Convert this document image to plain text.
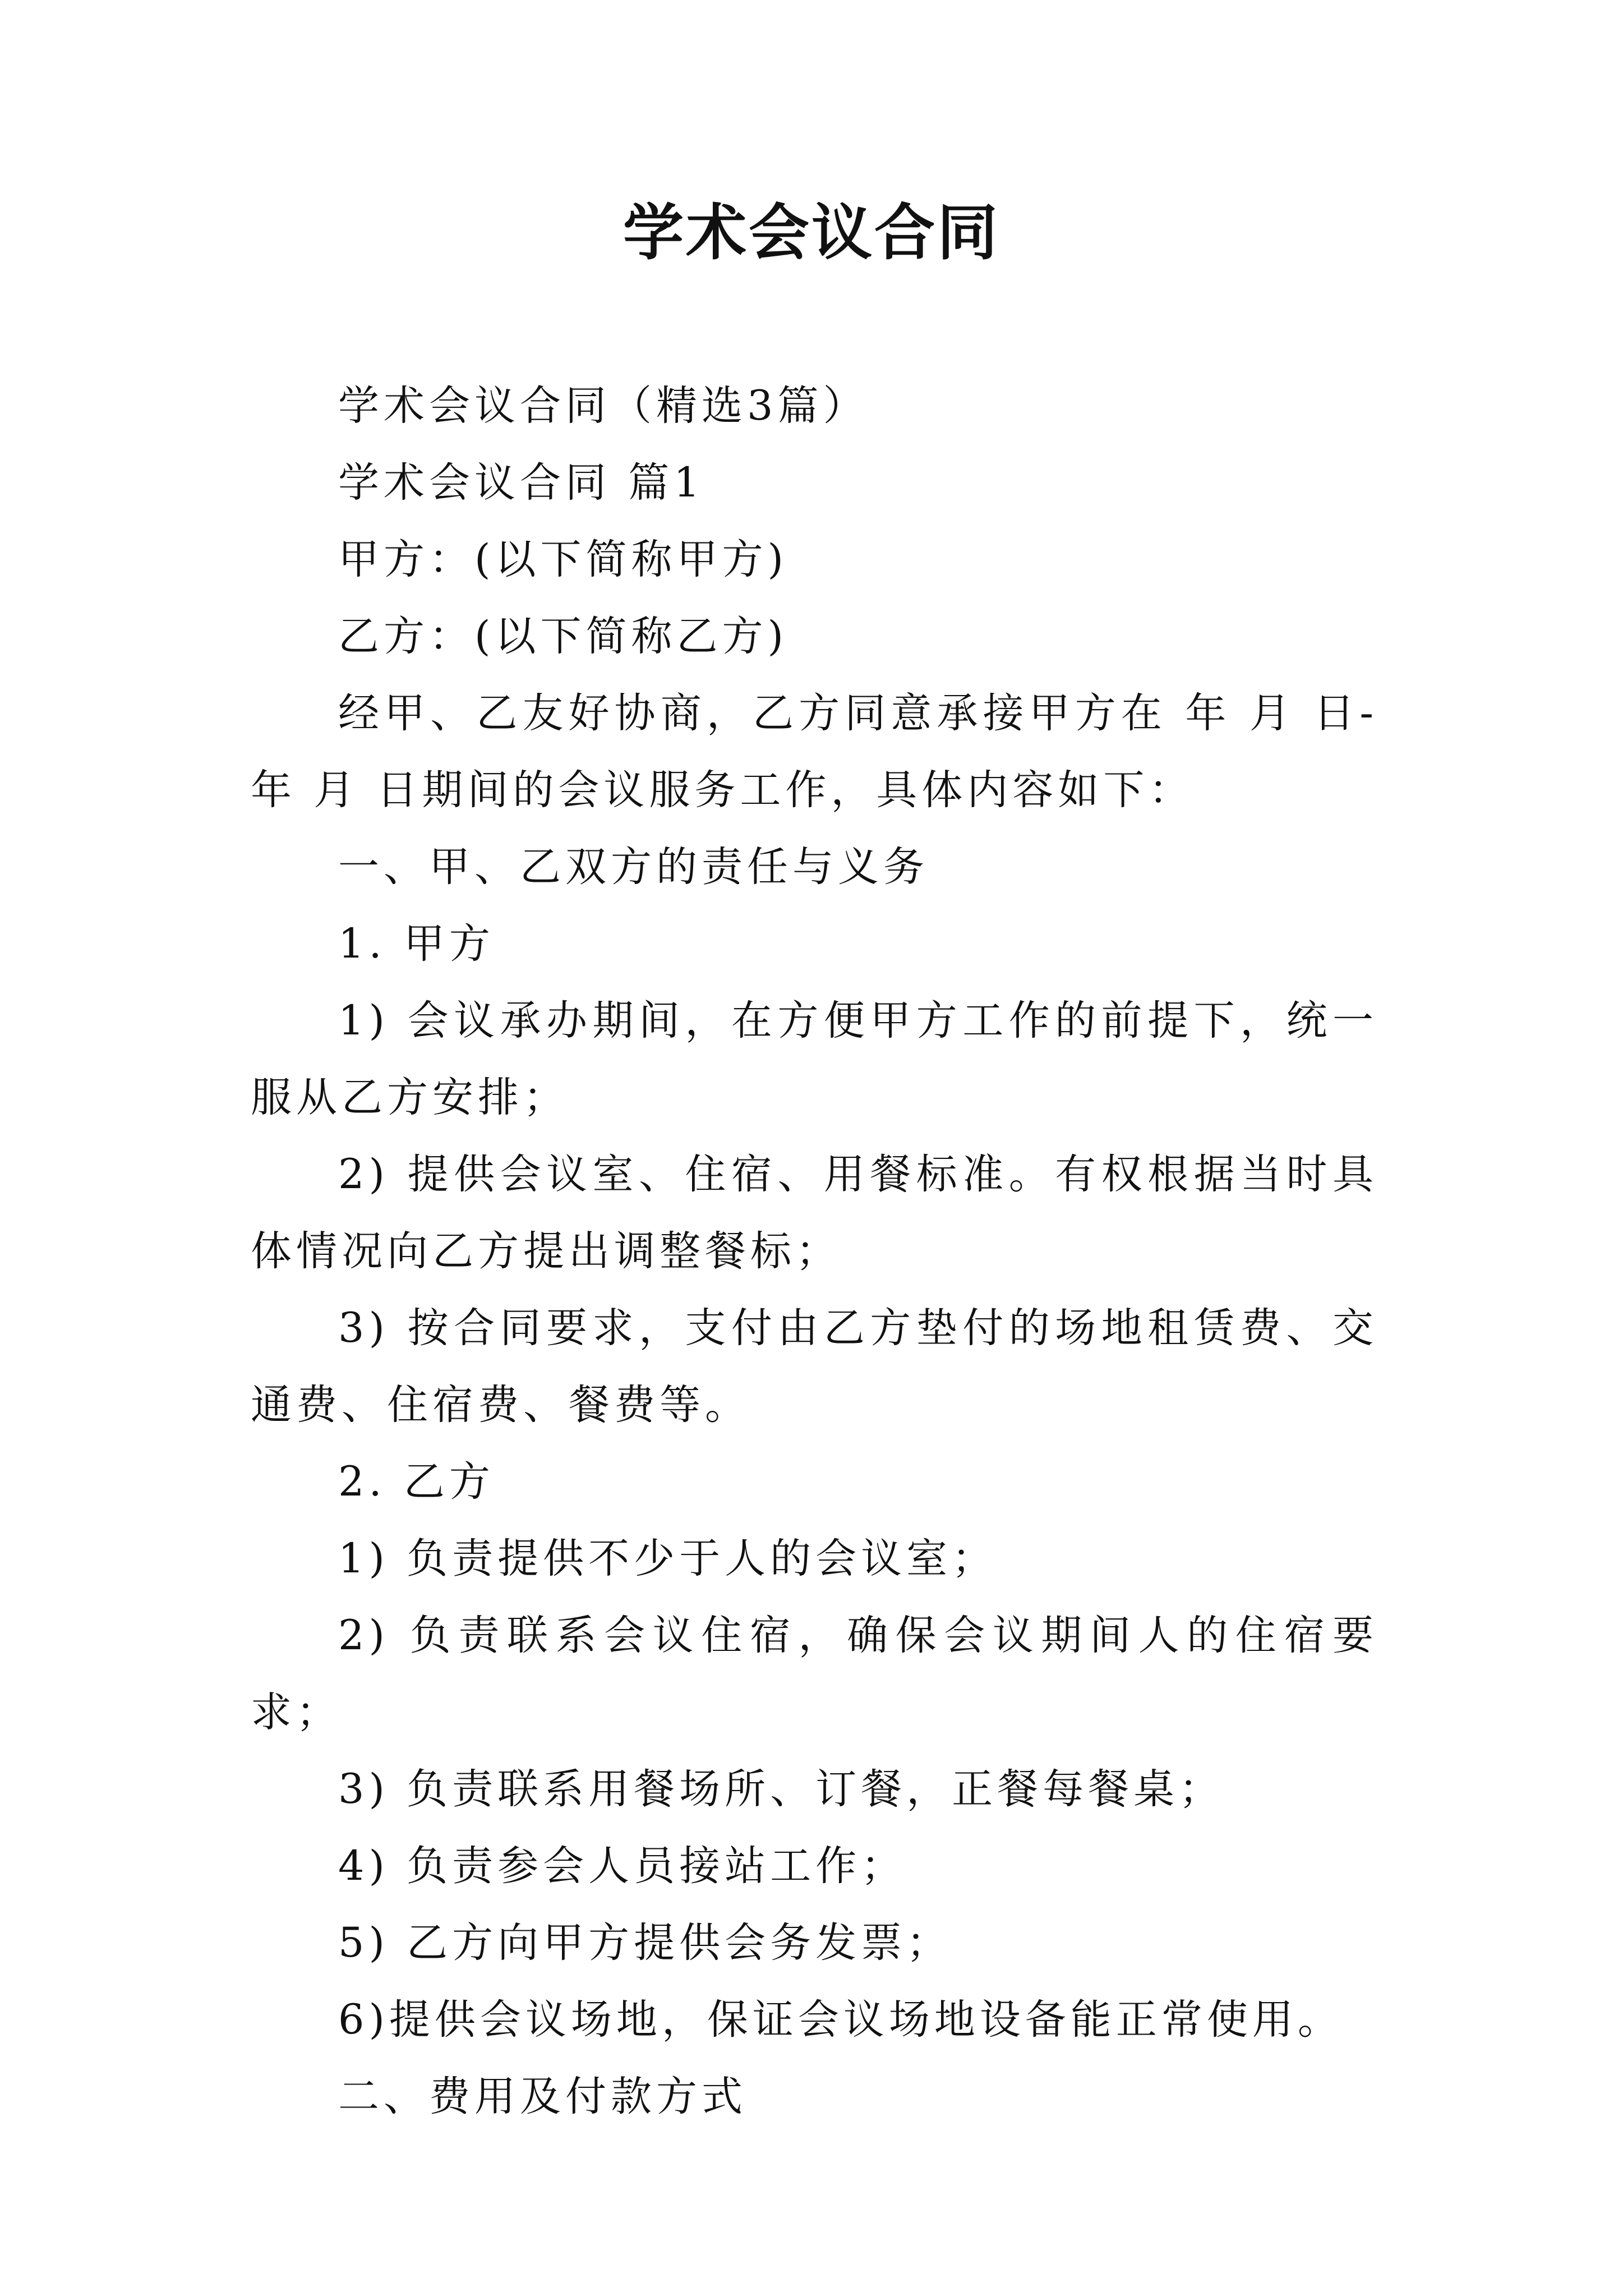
学术会议合同

学术会议合同（精选3篇）

学术会议合同 篇1

甲方：(以下简称甲方)

乙方：(以下简称乙方)

经甲、乙友好协商，乙方同意承接甲方在 年 月 日-年 月 日期间的会议服务工作，具体内容如下：

一、甲、乙双方的责任与义务

1. 甲方

1) 会议承办期间，在方便甲方工作的前提下，统一服从乙方安排；

2) 提供会议室、住宿、用餐标准。有权根据当时具体情况向乙方提出调整餐标；

3) 按合同要求，支付由乙方垫付的场地租赁费、交通费、住宿费、餐费等。

2. 乙方

1) 负责提供不少于人的会议室；

2) 负责联系会议住宿，确保会议期间人的住宿要求；

3) 负责联系用餐场所、订餐，正餐每餐桌；

4) 负责参会人员接站工作；

5) 乙方向甲方提供会务发票；

6)提供会议场地，保证会议场地设备能正常使用。

二、费用及付款方式
